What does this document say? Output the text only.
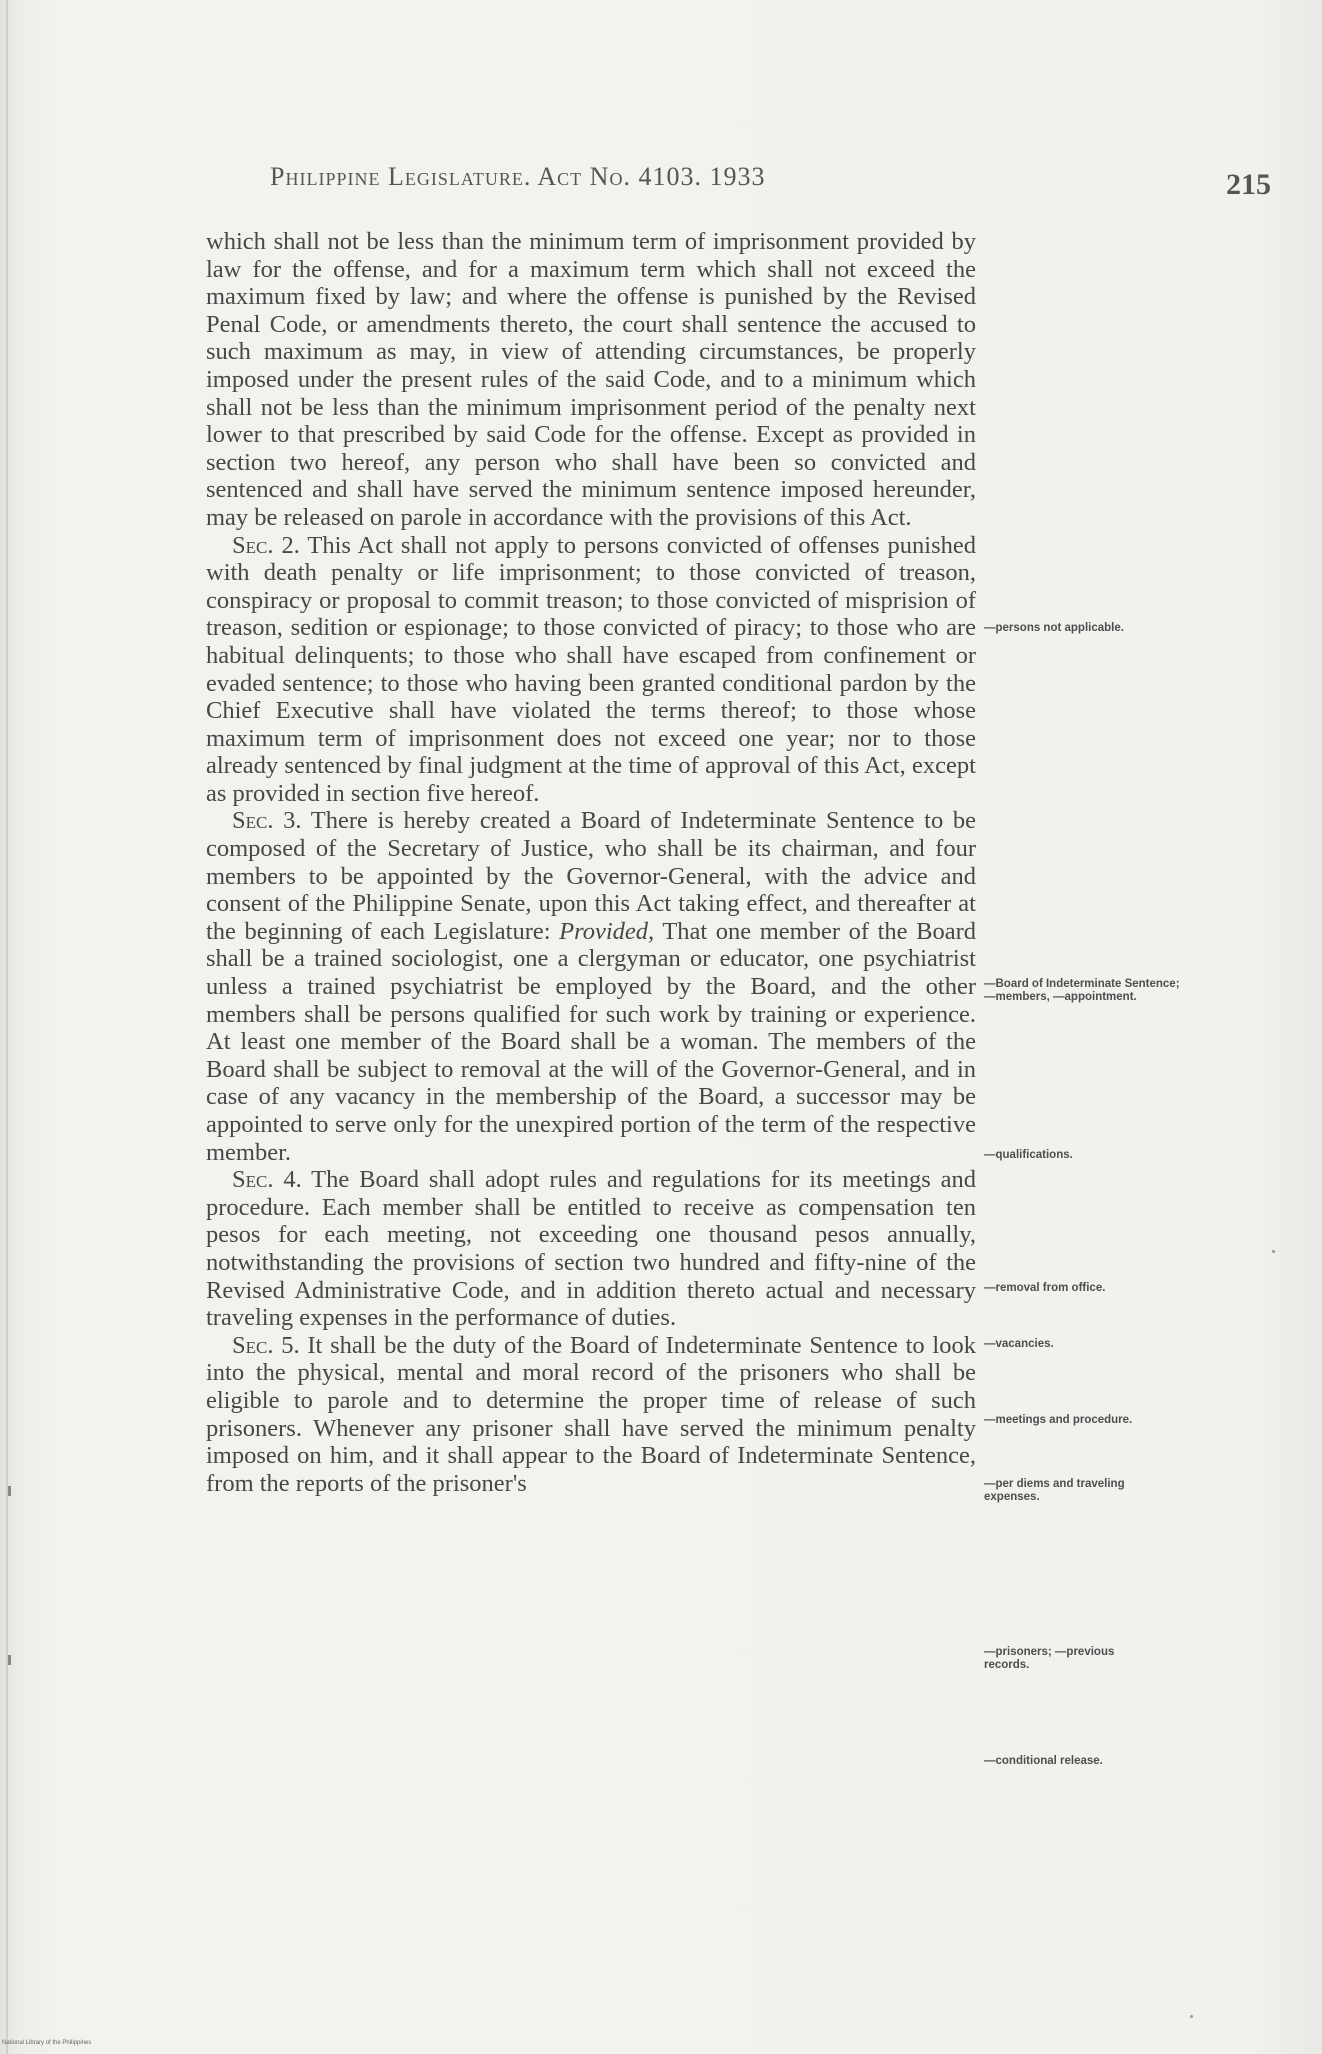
Philippine Legislature. Act No. 4103. 1933	215

which shall not be less than the minimum term of imprisonment provided by law for the offense, and for a maximum term which shall not exceed the maximum fixed by law; and where the offense is punished by the Revised Penal Code, or amendments thereto, the court shall sentence the accused to such maximum as may, in view of attending circumstances, be properly imposed under the present rules of the said Code, and to a minimum which shall not be less than the minimum imprisonment period of the penalty next lower to that prescribed by said Code for the offense. Except as provided in section two hereof, any person who shall have been so convicted and sentenced and shall have served the minimum sentence imposed hereunder, may be released on parole in accordance with the provisions of this Act.

Sec. 2. This Act shall not apply to persons convicted of offenses punished with death penalty or life imprisonment; to those convicted of treason, conspiracy or proposal to commit treason; to those convicted of misprision of treason, sedition or espionage; to those convicted of piracy; to those who are habitual delinquents; to those who shall have escaped from confinement or evaded sentence; to those who having been granted conditional pardon by the Chief Executive shall have violated the terms thereof; to those whose maximum term of imprisonment does not exceed one year; nor to those already sentenced by final judgment at the time of approval of this Act, except as provided in section five hereof.

Sec. 3. There is hereby created a Board of Indeterminate Sentence to be composed of the Secretary of Justice, who shall be its chairman, and four members to be appointed by the Governor-General, with the advice and consent of the Philippine Senate, upon this Act taking effect, and thereafter at the beginning of each Legislature: Provided, That one member of the Board shall be a trained sociologist, one a clergyman or educator, one psychiatrist unless a trained psychiatrist be employed by the Board, and the other members shall be persons qualified for such work by training or experience. At least one member of the Board shall be a woman. The members of the Board shall be subject to removal at the will of the Governor-General, and in case of any vacancy in the membership of the Board, a successor may be appointed to serve only for the unexpired portion of the term of the respective member.

Sec. 4. The Board shall adopt rules and regulations for its meetings and procedure. Each member shall be entitled to receive as compensation ten pesos for each meeting, not exceeding one thousand pesos annually, notwithstanding the provisions of section two hundred and fifty-nine of the Revised Administrative Code, and in addition thereto actual and necessary traveling expenses in the performance of duties.

Sec. 5. It shall be the duty of the Board of Indeterminate Sentence to look into the physical, mental and moral record of the prisoners who shall be eligible to parole and to determine the proper time of release of such prisoners. Whenever any prisoner shall have served the minimum penalty imposed on him, and it shall appear to the Board of Indeterminate Sentence, from the reports of the prisoner's

—persons not applicable.
—Board of Indeterminate Sentence; —members, —appointment.
—qualifications.
—removal from office.
—vacancies.
—meetings and procedure.
—per diems and traveling expenses.
—prisoners; —previous records.
—conditional release.
National Library of the Philippines
